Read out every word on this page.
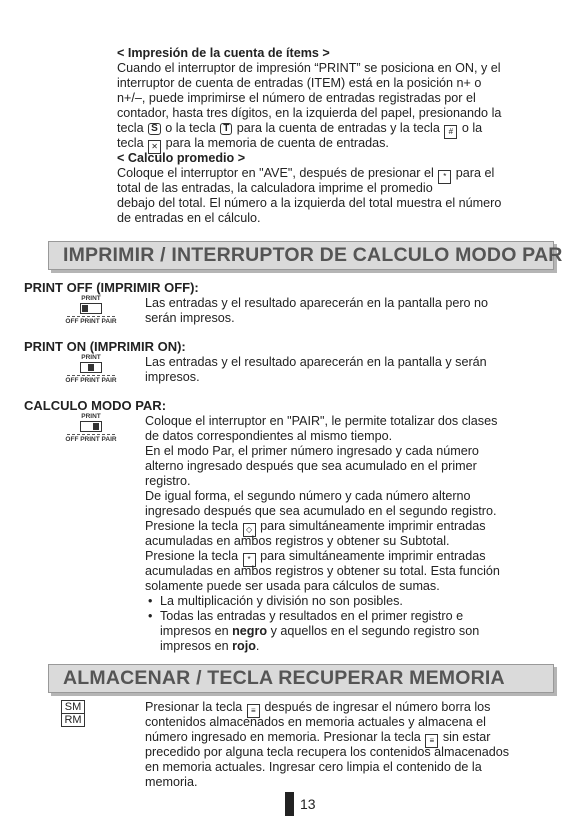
< Impresión de la cuenta de ítems >
Cuando el interruptor de impresión “PRINT” se posiciona en ON, y el
interruptor de cuenta de entradas (ITEM) está en la posición n+ o
n+/–, puede imprimirse el número de entradas registradas por el
contador, hasta tres dígitos, en la izquierda del papel, presionando la
tecla S o la tecla T para la cuenta de entradas y la tecla # o la
tecla ✕ para la memoria de cuenta de entradas.
< Calculo promedio >
Coloque el interruptor en "AVE", después de presionar el * para el
total de las entradas, la calculadora imprime el promedio
debajo del total. El número a la izquierda del total muestra el número
de entradas en el cálculo.
IMPRIMIR / INTERRUPTOR DE CALCULO MODO PAR
PRINT OFF (IMPRIMIR OFF):
PRINT
OFF PRINT PAIR
Las entradas y el resultado aparecerán en la pantalla pero no
serán impresos.
PRINT ON (IMPRIMIR ON):
PRINT
OFF PRINT PAIR
Las entradas y el resultado aparecerán en la pantalla y serán
impresos.
CALCULO MODO PAR:
PRINT
OFF PRINT PAIR
Coloque el interruptor en "PAIR", le permite totalizar dos clases
de datos correspondientes al mismo tiempo.
En el modo Par, el primer número ingresado y cada número
alterno ingresado después que sea acumulado en el primer
registro.
De igual forma, el segundo número y cada número alterno
ingresado después que sea acumulado en el segundo registro.
Presione la tecla ◇ para simultáneamente imprimir entradas
acumuladas en ambos registros y obtener su Subtotal.
Presione la tecla * para simultáneamente imprimir entradas
acumuladas en ambos registros y obtener su total. Esta función
solamente puede ser usada para cálculos de sumas.
• La multiplicación y división no son posibles.
• Todas las entradas y resultados en el primer registro e
impresos en negro y aquellos en el segundo registro son
impresos en rojo.
ALMACENAR / TECLA RECUPERAR MEMORIA
SM
RM
Presionar la tecla ≡ después de ingresar el número borra los
contenidos almacenados en memoria actuales y almacena el
número ingresado en memoria. Presionar la tecla ≡ sin estar
precedido por alguna tecla recupera los contenidos almacenados
en memoria actuales. Ingresar cero limpia el contenido de la
memoria.
13
